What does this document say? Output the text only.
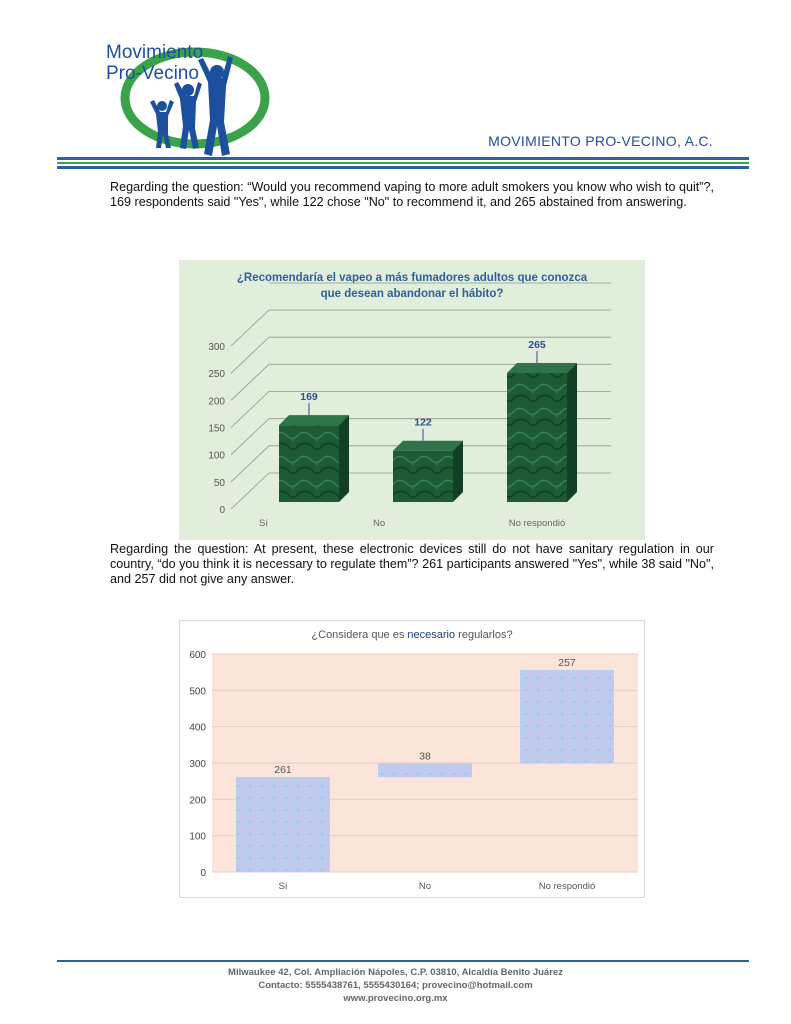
Movimiento
Pro-Vecino
MOVIMIENTO PRO-VECINO, A.C.
Regarding the question: “Would you recommend vaping to more adult smokers you know who wish to quit”?, 169 respondents said "Yes", while 122 chose "No" to recommend it, and 265 abstained from answering.
¿Recomendaría el vapeo a más fumadores adultos que conozca
que desean abandonar el hábito?
0
50
100
150
200
250
300
169
Sí
122
No
265
No respondió
Regarding the question: At present, these electronic devices still do not have sanitary regulation in our country, “do you think it is necessary to regulate them”? 261 participants answered "Yes", while 38 said "No", and 257 did not give any answer.
¿Considera que es necesario regularlos?
0
100
200
300
400
500
600
261
Sí
38
No
257
No respondió
Milwaukee 42, Col. Ampliación Nápoles, C.P. 03810, Alcaldía Benito Juárez
Contacto: 5555438761, 5555430164; provecino@hotmail.com
www.provecino.org.mx
